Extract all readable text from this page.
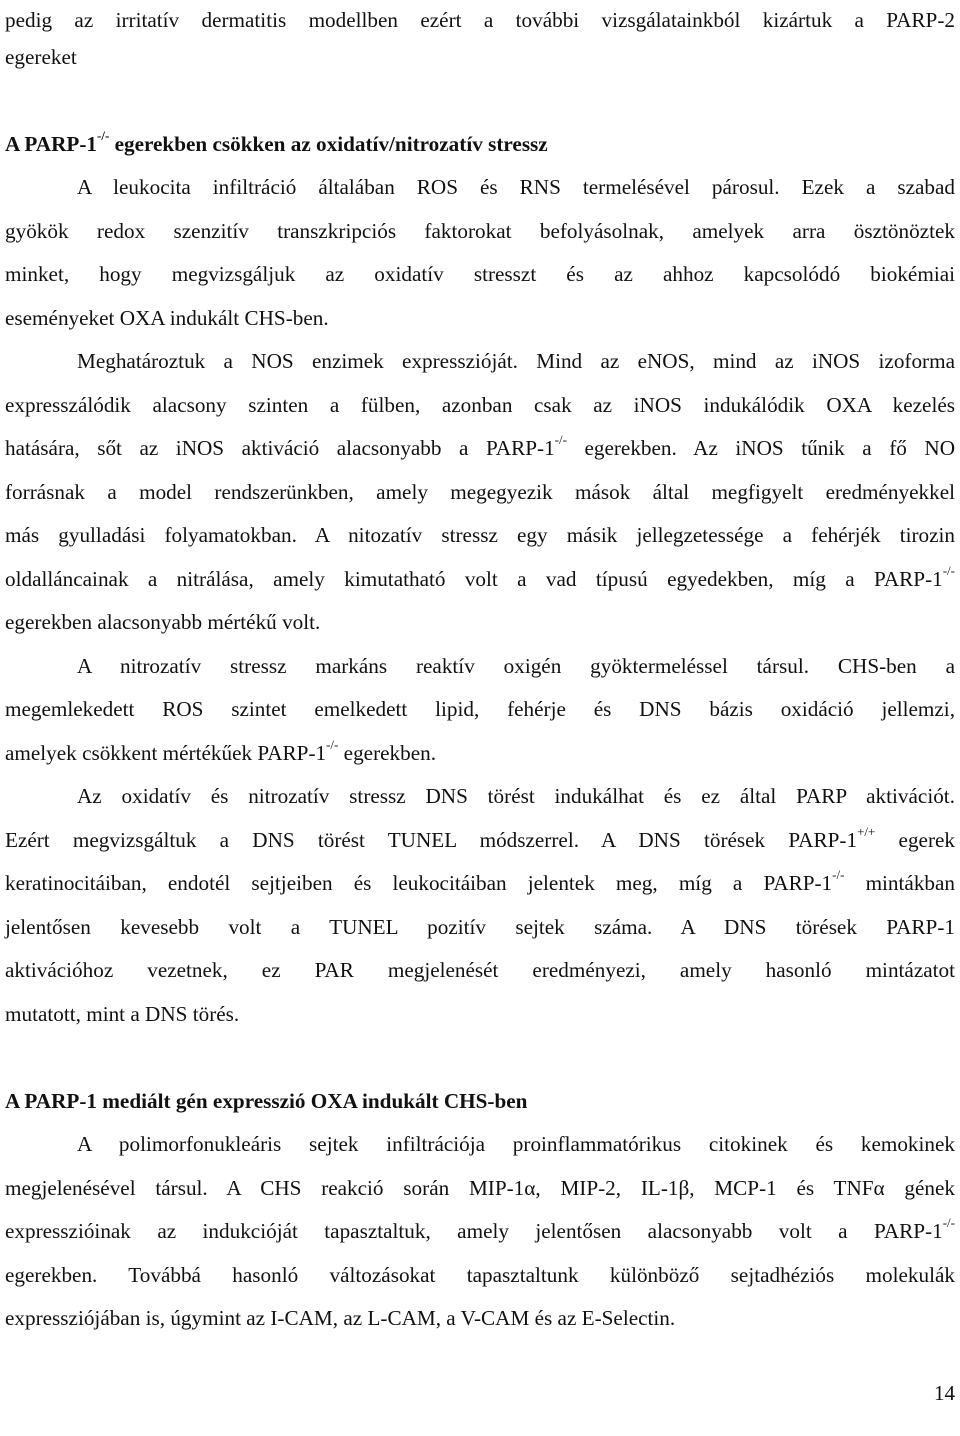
pedig az irritatív dermatitis modellben ezért a további vizsgálatainkból kizártuk a PARP-2
egereket
A PARP-1-/- egerekben csökken az oxidatív/nitrozatív stressz
A leukocita infiltráció általában ROS és RNS termelésével párosul. Ezek a szabad
gyökök redox szenzitív transzkripciós faktorokat befolyásolnak, amelyek arra ösztönöztek
minket, hogy megvizsgáljuk az oxidatív stresszt és az ahhoz kapcsolódó biokémiai
eseményeket OXA indukált CHS-ben.
Meghatároztuk a NOS enzimek expresszióját. Mind az eNOS, mind az iNOS izoforma
expresszálódik alacsony szinten a fülben, azonban csak az iNOS indukálódik OXA kezelés
hatására, sőt az iNOS aktiváció alacsonyabb a PARP-1-/- egerekben. Az iNOS tűnik a fő NO
forrásnak a model rendszerünkben, amely megegyezik mások által megfigyelt eredményekkel
más gyulladási folyamatokban. A nitozatív stressz egy másik jellegzetessége a fehérjék tirozin
oldalláncainak a nitrálása, amely kimutatható volt a vad típusú egyedekben, míg a PARP-1-/-
egerekben alacsonyabb mértékű volt.
A nitrozatív stressz markáns reaktív oxigén gyöktermeléssel társul. CHS-ben a
megemlekedett ROS szintet emelkedett lipid, fehérje és DNS bázis oxidáció jellemzi,
amelyek csökkent mértékűek PARP-1-/- egerekben.
Az oxidatív és nitrozatív stressz DNS törést indukálhat és ez által PARP aktivációt.
Ezért megvizsgáltuk a DNS törést TUNEL módszerrel. A DNS törések PARP-1+/+ egerek
keratinocitáiban, endotél sejtjeiben és leukocitáiban jelentek meg, míg a PARP-1-/- mintákban
jelentősen kevesebb volt a TUNEL pozitív sejtek száma. A DNS törések PARP-1
aktivációhoz vezetnek, ez PAR megjelenését eredményezi, amely hasonló mintázatot
mutatott, mint a DNS törés.
A PARP-1 mediált gén expresszió OXA indukált CHS-ben
A polimorfonukleáris sejtek infiltrációja proinflammatórikus citokinek és kemokinek
megjelenésével társul. A CHS reakció során MIP-1α, MIP-2, IL-1β, MCP-1 és TNFα gének
expresszióinak az indukcióját tapasztaltuk, amely jelentősen alacsonyabb volt a PARP-1-/-
egerekben. Továbbá hasonló változásokat tapasztaltunk különböző sejtadhéziós molekulák
expressziójában is, úgymint az I-CAM, az L-CAM, a V-CAM és az E-Selectin.
14
